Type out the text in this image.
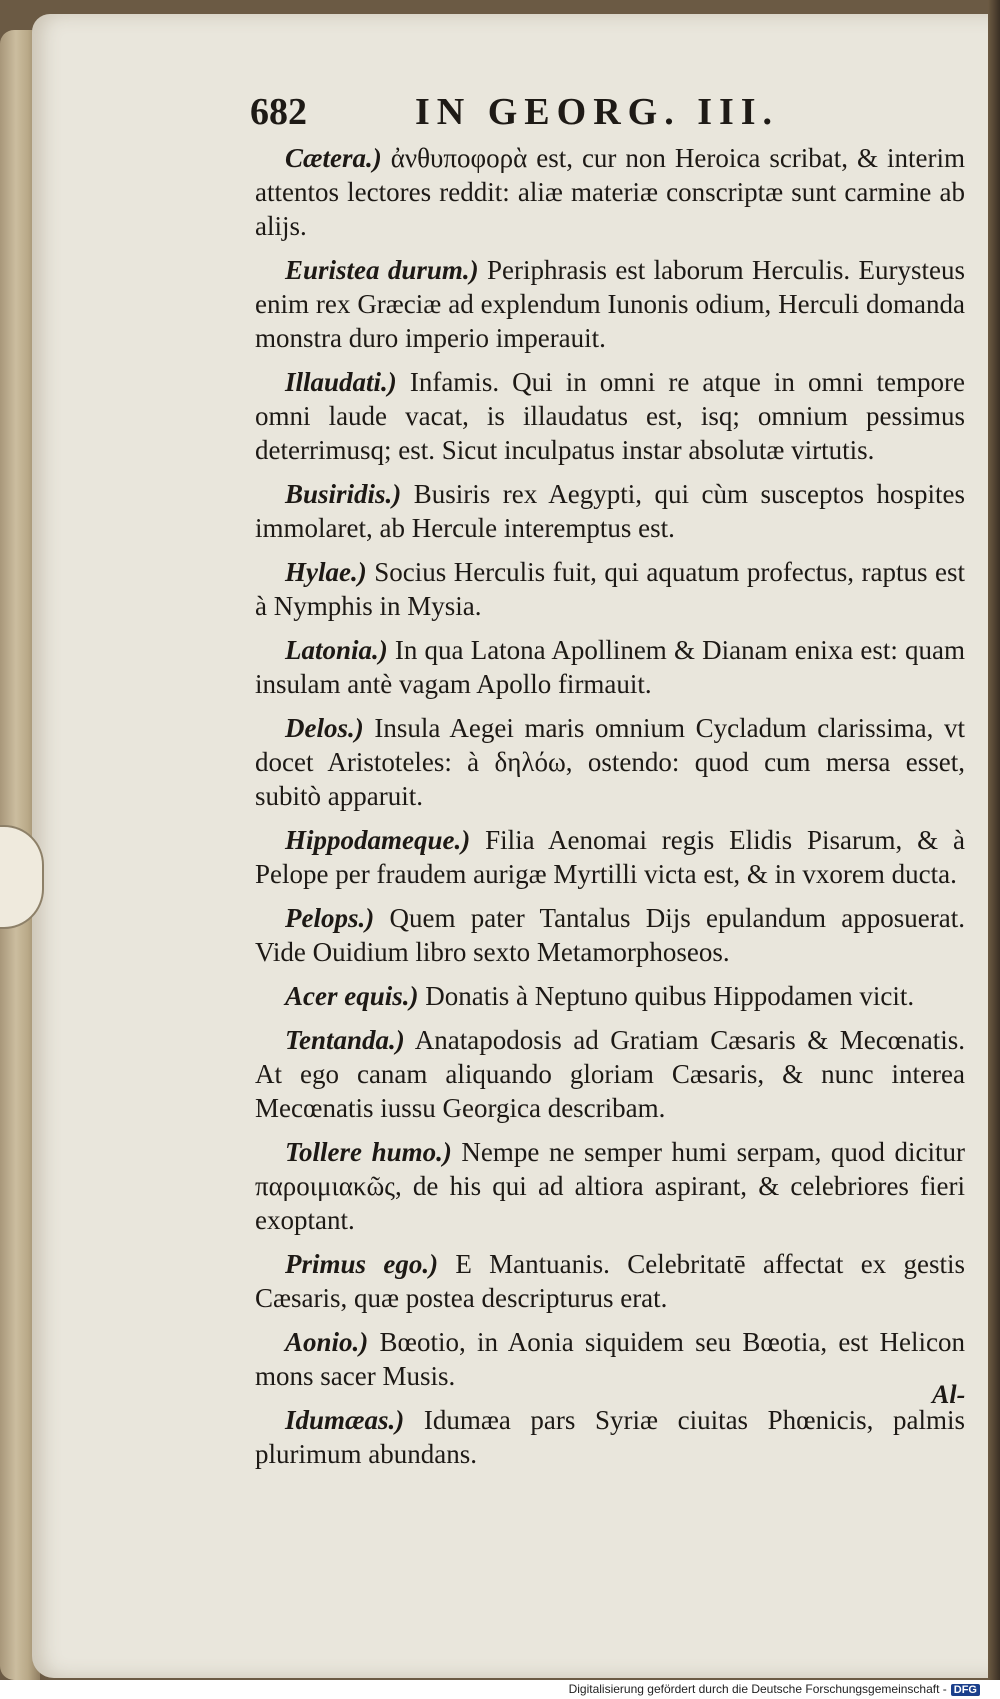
682	IN GEORG. III.

Cætera.) ἀνθυποφορὰ est, cur non Heroica scribat, & interim attentos lectores reddit: aliæ materiæ conscriptæ sunt carmine ab alijs.

Euristea durum.) Periphrasis est laborum Herculis. Eurysteus enim rex Græciæ ad explendum Iunonis odium, Herculi domanda monstra duro imperio imperauit.

Illaudati.) Infamis. Qui in omni re atque in omni tempore omni laude vacat, is illaudatus est, isq; omnium pessimus deterrimusq; est. Sicut inculpatus instar absolutæ virtutis.

Busiridis.) Busiris rex Aegypti, qui cùm susceptos hospites immolaret, ab Hercule interemptus est.

Hylae.) Socius Herculis fuit, qui aquatum profectus, raptus est à Nymphis in Mysia.

Latonia.) In qua Latona Apollinem & Dianam enixa est: quam insulam antè vagam Apollo firmauit.

Delos.) Insula Aegei maris omnium Cycladum clarissima, vt docet Aristoteles: à δηλόω, ostendo: quod cum mersa esset, subitò apparuit.

Hippodameque.) Filia Aenomai regis Elidis Pisarum, & à Pelope per fraudem aurigæ Myrtilli victa est, & in vxorem ducta.

Pelops.) Quem pater Tantalus Dijs epulandum apposuerat. Vide Ouidium libro sexto Metamorphoseos.

Acer equis.) Donatis à Neptuno quibus Hippodamen vicit.

Tentanda.) Anatapodosis ad Gratiam Cæsaris & Mecœnatis. At ego canam aliquando gloriam Cæsaris, & nunc interea Mecœnatis iussu Georgica describam.

Tollere humo.) Nempe ne semper humi serpam, quod dicitur παροιμιακῶς, de his qui ad altiora aspirant, & celebriores fieri exoptant.

Primus ego.) E Mantuanis. Celebritatē affectat ex gestis Cæsaris, quæ postea descripturus erat.

Aonio.) Bœotio, in Aonia siquidem seu Bœotia, est Helicon mons sacer Musis.

Idumæas.) Idumæa pars Syriæ ciuitas Phœnicis, palmis plurimum abundans.

Al-
Digitalisierung gefördert durch die Deutsche Forschungsgemeinschaft - DFG
